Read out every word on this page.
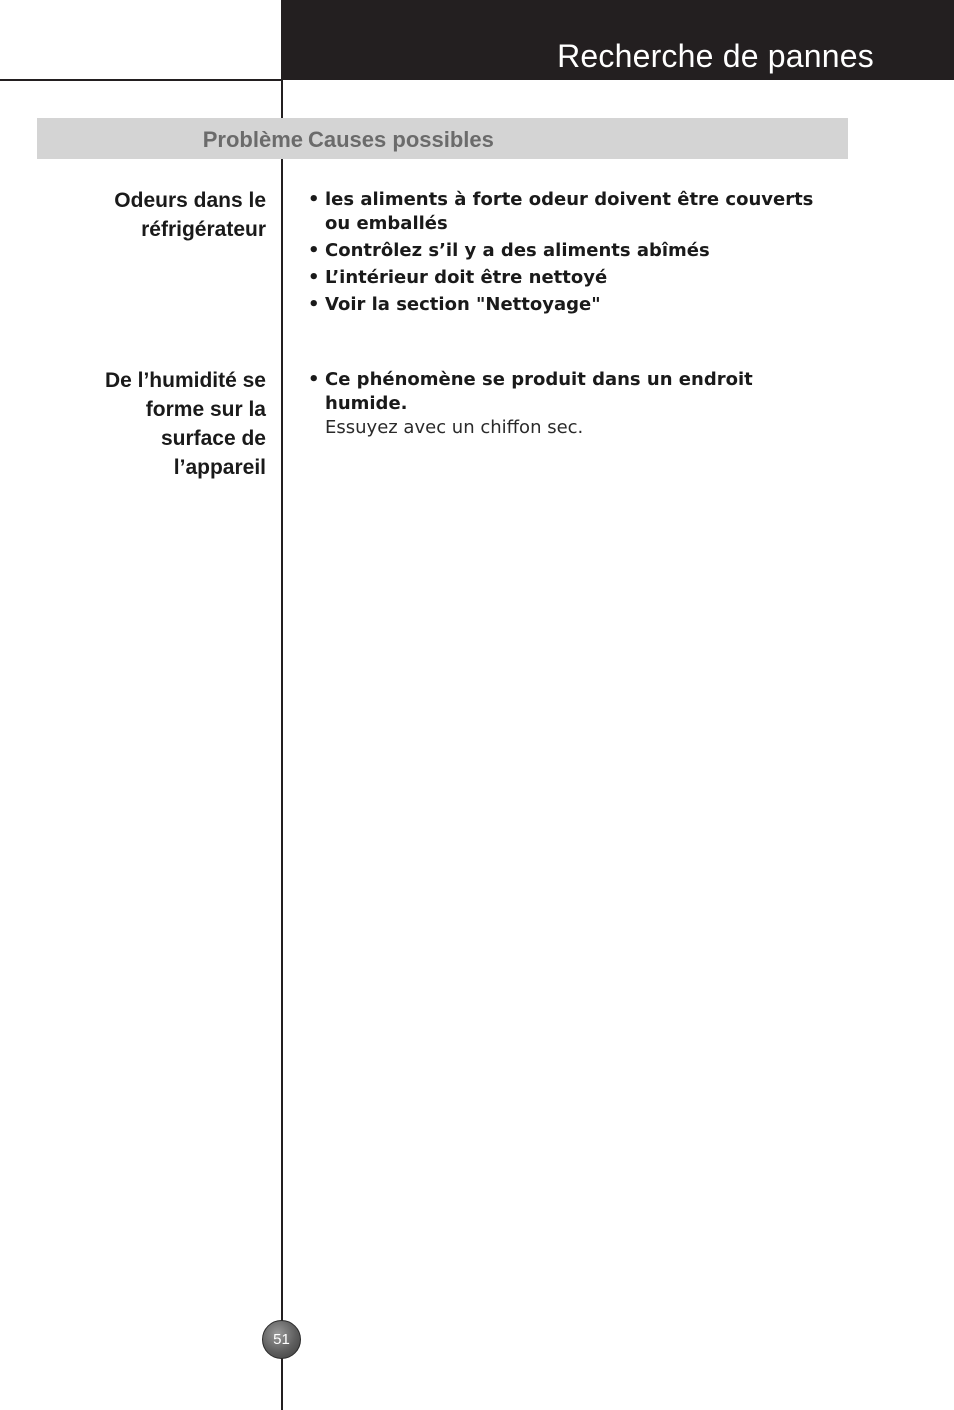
Recherche de pannes
Problème Causes possibles
Odeurs dans le
réfrigérateur
• les aliments à forte odeur doivent être couverts ou emballés
• Contrôlez s’il y a des aliments abîmés
• L’intérieur doit être nettoyé
• Voir la section "Nettoyage"
De l’humidité se
forme sur la
surface de
l’appareil
• Ce phénomène se produit dans un endroit humide.
Essuyez avec un chiffon sec.
51
